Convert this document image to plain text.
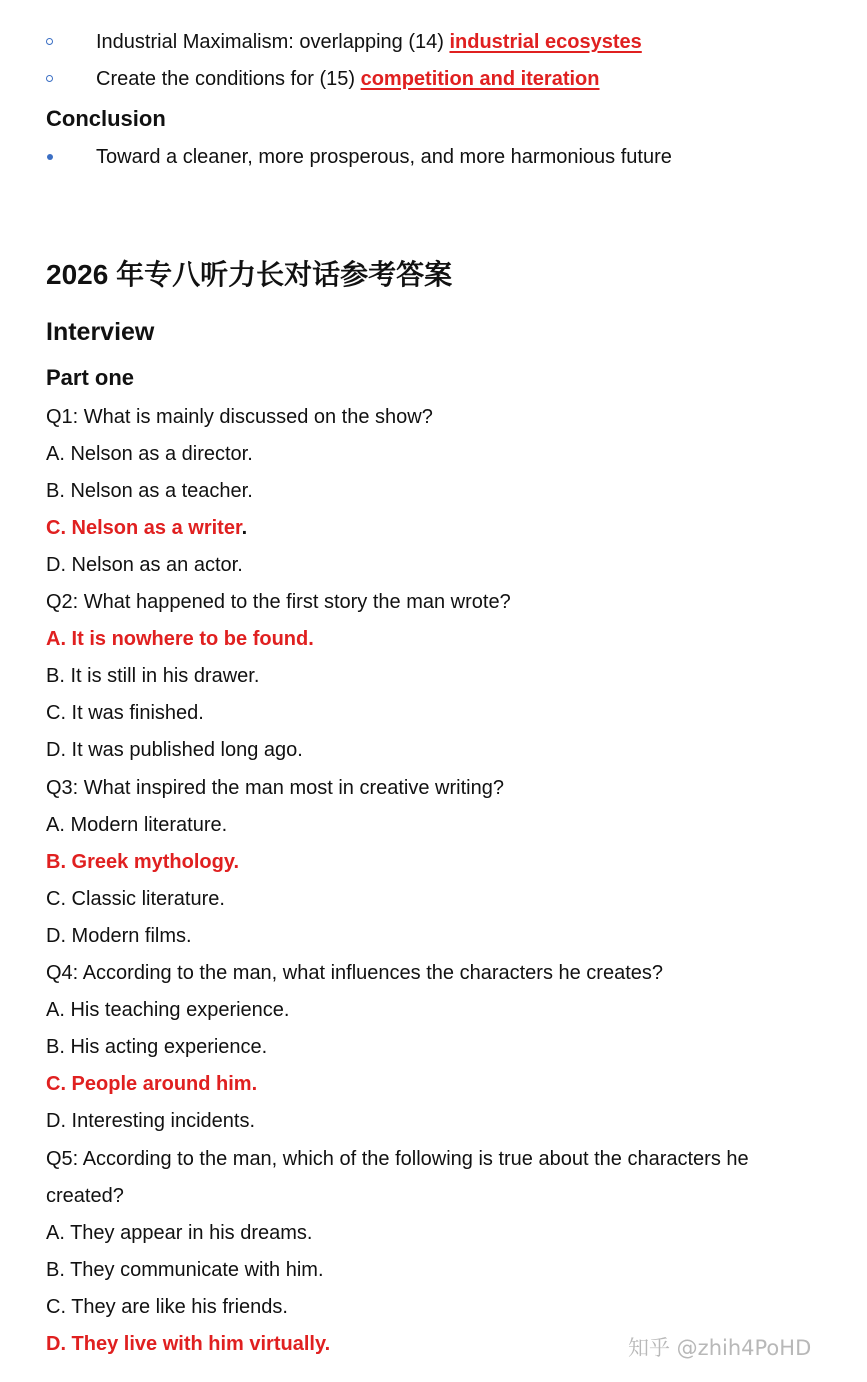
Industrial Maximalism: overlapping (14) industrial ecosystes
Create the conditions for (15) competition and iteration
Conclusion
Toward a cleaner, more prosperous, and more harmonious future
2026 年专八听力长对话参考答案
Interview
Part one
Q1: What is mainly discussed on the show?
A. Nelson as a director.
B. Nelson as a teacher.
C. Nelson as a writer.
D. Nelson as an actor.
Q2: What happened to the first story the man wrote?
A. It is nowhere to be found.
B. It is still in his drawer.
C. It was finished.
D. It was published long ago.
Q3: What inspired the man most in creative writing?
A. Modern literature.
B. Greek mythology.
C. Classic literature.
D. Modern films.
Q4: According to the man, what influences the characters he creates?
A. His teaching experience.
B. His acting experience.
C. People around him.
D. Interesting incidents.
Q5: According to the man, which of the following is true about the characters he
created?
A. They appear in his dreams.
B. They communicate with him.
C. They are like his friends.
D. They live with him virtually.	知乎 @zhih4PoHD
